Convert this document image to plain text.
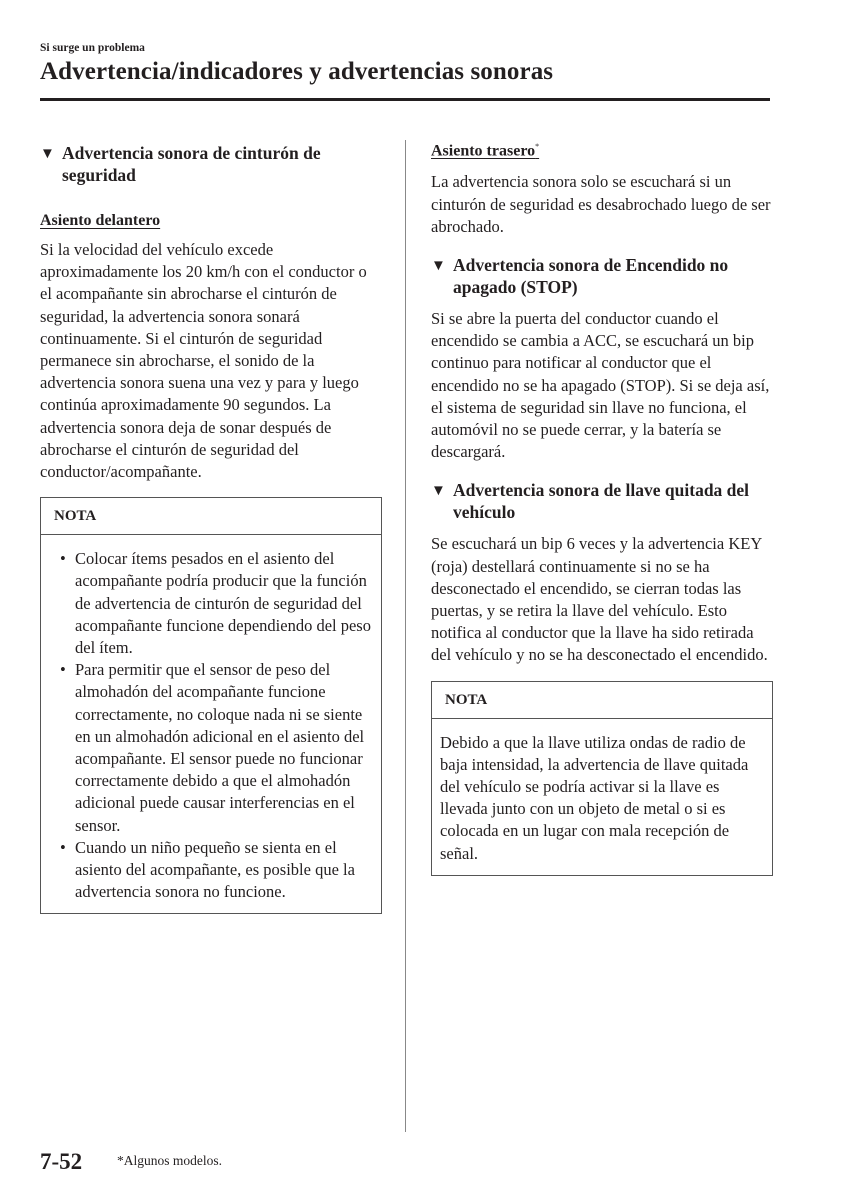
Si surge un problema
Advertencia/indicadores y advertencias sonoras
▼ Advertencia sonora de cinturón de seguridad
Asiento delantero

Si la velocidad del vehículo excede aproximadamente los 20 km/h con el conductor o el acompañante sin abrocharse el cinturón de seguridad, la advertencia sonora sonará continuamente. Si el cinturón de seguridad permanece sin abrocharse, el sonido de la advertencia sonora suena una vez y para y luego continúa aproximadamente 90 segundos. La advertencia sonora deja de sonar después de abrocharse el cinturón de seguridad del conductor/acompañante.

NOTA
• Colocar ítems pesados en el asiento del acompañante podría producir que la función de advertencia de cinturón de seguridad del acompañante funcione dependiendo del peso del ítem.
• Para permitir que el sensor de peso del almohadón del acompañante funcione correctamente, no coloque nada ni se siente en un almohadón adicional en el asiento del acompañante. El sensor puede no funcionar correctamente debido a que el almohadón adicional puede causar interferencias en el sensor.
• Cuando un niño pequeño se sienta en el asiento del acompañante, es posible que la advertencia sonora no funcione.
Asiento trasero*

La advertencia sonora solo se escuchará si un cinturón de seguridad es desabrochado luego de ser abrochado.

▼ Advertencia sonora de Encendido no apagado (STOP)

Si se abre la puerta del conductor cuando el encendido se cambia a ACC, se escuchará un bip continuo para notificar al conductor que el encendido no se ha apagado (STOP). Si se deja así, el sistema de seguridad sin llave no funciona, el automóvil no se puede cerrar, y la batería se descargará.

▼ Advertencia sonora de llave quitada del vehículo

Se escuchará un bip 6 veces y la advertencia KEY (roja) destellará continuamente si no se ha desconectado el encendido, se cierran todas las puertas, y se retira la llave del vehículo. Esto notifica al conductor que la llave ha sido retirada del vehículo y no se ha desconectado el encendido.

NOTA

Debido a que la llave utiliza ondas de radio de baja intensidad, la advertencia de llave quitada del vehículo se podría activar si la llave es llevada junto con un objeto de metal o si es colocada en un lugar con mala recepción de señal.

7-52	*Algunos modelos.
